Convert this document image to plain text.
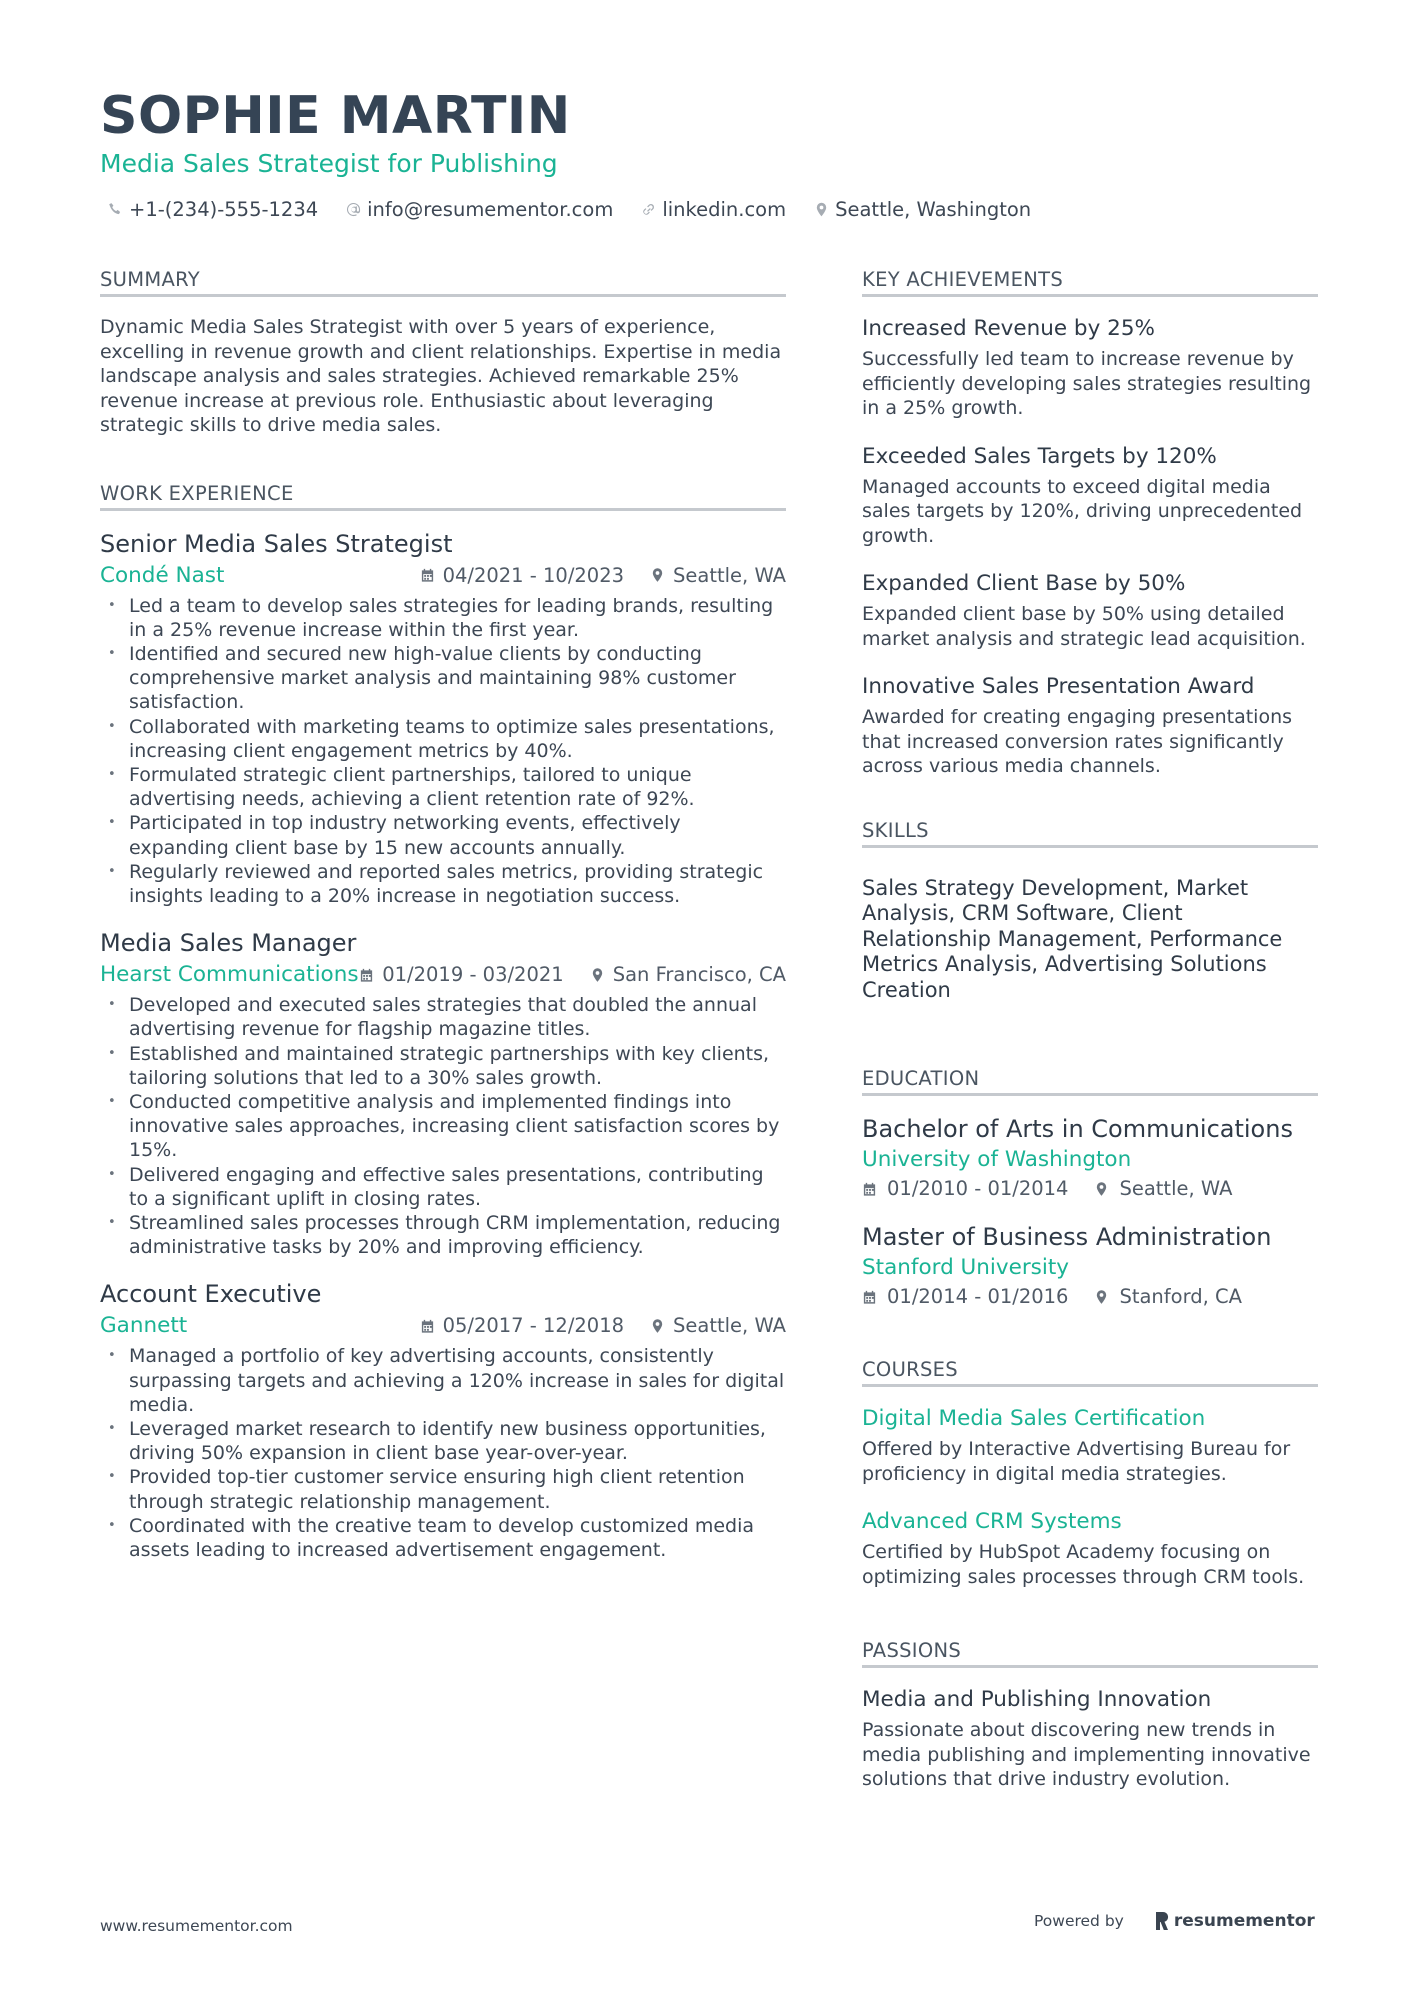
SOPHIE MARTIN
Media Sales Strategist for Publishing
+1-(234)-555-1234	info@resumementor.com	linkedin.com	Seattle, Washington
SUMMARY
Dynamic Media Sales Strategist with over 5 years of experience, excelling in revenue growth and client relationships. Expertise in media landscape analysis and sales strategies. Achieved remarkable 25% revenue increase at previous role. Enthusiastic about leveraging strategic skills to drive media sales.
WORK EXPERIENCE
Senior Media Sales Strategist
Condé Nast	04/2021 - 10/2023	Seattle, WA
• Led a team to develop sales strategies for leading brands, resulting in a 25% revenue increase within the first year.
• Identified and secured new high-value clients by conducting comprehensive market analysis and maintaining 98% customer satisfaction.
• Collaborated with marketing teams to optimize sales presentations, increasing client engagement metrics by 40%.
• Formulated strategic client partnerships, tailored to unique advertising needs, achieving a client retention rate of 92%.
• Participated in top industry networking events, effectively expanding client base by 15 new accounts annually.
• Regularly reviewed and reported sales metrics, providing strategic insights leading to a 20% increase in negotiation success.
Media Sales Manager
Hearst Communications 01/2019 - 03/2021	San Francisco, CA
• Developed and executed sales strategies that doubled the annual advertising revenue for flagship magazine titles.
• Established and maintained strategic partnerships with key clients, tailoring solutions that led to a 30% sales growth.
• Conducted competitive analysis and implemented findings into innovative sales approaches, increasing client satisfaction scores by 15%.
• Delivered engaging and effective sales presentations, contributing to a significant uplift in closing rates.
• Streamlined sales processes through CRM implementation, reducing administrative tasks by 20% and improving efficiency.
Account Executive
Gannett	05/2017 - 12/2018	Seattle, WA
• Managed a portfolio of key advertising accounts, consistently surpassing targets and achieving a 120% increase in sales for digital media.
• Leveraged market research to identify new business opportunities, driving 50% expansion in client base year-over-year.
• Provided top-tier customer service ensuring high client retention through strategic relationship management.
• Coordinated with the creative team to develop customized media assets leading to increased advertisement engagement.
KEY ACHIEVEMENTS
Increased Revenue by 25%
Successfully led team to increase revenue by efficiently developing sales strategies resulting in a 25% growth.
Exceeded Sales Targets by 120%
Managed accounts to exceed digital media sales targets by 120%, driving unprecedented growth.
Expanded Client Base by 50%
Expanded client base by 50% using detailed market analysis and strategic lead acquisition.
Innovative Sales Presentation Award
Awarded for creating engaging presentations that increased conversion rates significantly across various media channels.
SKILLS
Sales Strategy Development, Market Analysis, CRM Software, Client Relationship Management, Performance Metrics Analysis, Advertising Solutions Creation
EDUCATION
Bachelor of Arts in Communications
University of Washington
01/2010 - 01/2014	Seattle, WA
Master of Business Administration
Stanford University
01/2014 - 01/2016	Stanford, CA
COURSES
Digital Media Sales Certification
Offered by Interactive Advertising Bureau for proficiency in digital media strategies.
Advanced CRM Systems
Certified by HubSpot Academy focusing on optimizing sales processes through CRM tools.
PASSIONS
Media and Publishing Innovation
Passionate about discovering new trends in media publishing and implementing innovative solutions that drive industry evolution.
www.resumementor.com	Powered by	resumementor
